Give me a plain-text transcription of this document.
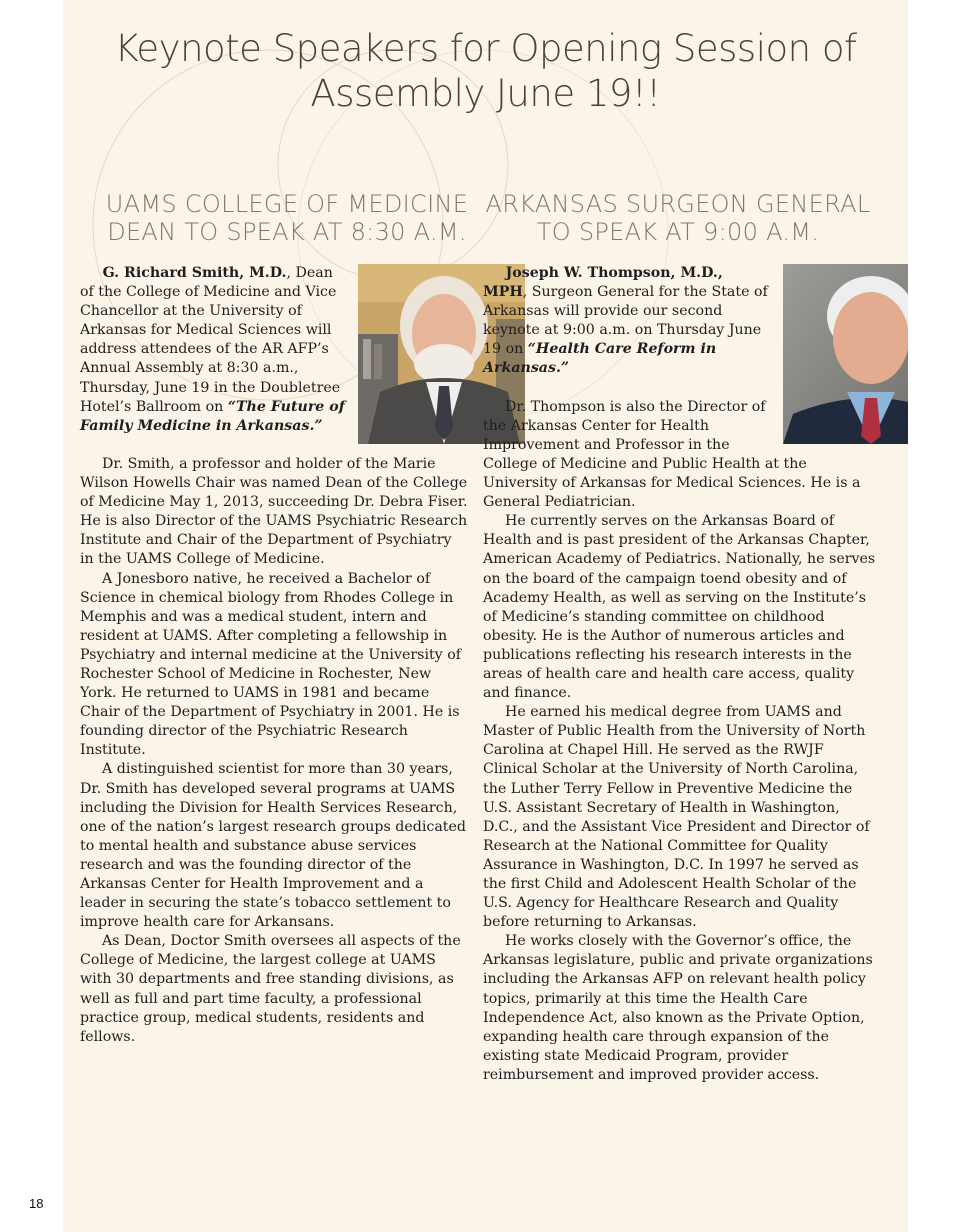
Keynote Speakers for Opening Session of Assembly June 19!!
UAMS COLLEGE OF MEDICINE
DEAN TO SPEAK AT 8:30 A.M.
ARKANSAS SURGEON GENERAL
TO SPEAK AT 9:00 A.M.

G. Richard Smith, M.D., Dean of the College of Medicine and Vice Chancellor at the University of Arkansas for Medical Sciences will address attendees of the AR AFP’s Annual Assembly at 8:30 a.m., Thursday, June 19 in the Doubletree Hotel’s Ballroom on “The Future of Family Medicine in Arkansas.”

Dr. Smith, a professor and holder of the Marie Wilson Howells Chair was named Dean of the College of Medicine May 1, 2013, succeeding Dr. Debra Fiser. He is also Director of the UAMS Psychiatric Research Institute and Chair of the Department of Psychiatry in the UAMS College of Medicine.

A Jonesboro native, he received a Bachelor of Science in chemical biology from Rhodes College in Memphis and was a medical student, intern and resident at UAMS. After completing a fellowship in Psychiatry and internal medicine at the University of Rochester School of Medicine in Rochester, New York. He returned to UAMS in 1981 and became Chair of the Department of Psychiatry in 2001. He is founding director of the Psychiatric Research Institute.

A distinguished scientist for more than 30 years, Dr. Smith has developed several programs at UAMS including the Division for Health Services Research, one of the nation’s largest research groups dedicated to mental health and substance abuse services research and was the founding director of the Arkansas Center for Health Improvement and a leader in securing the state’s tobacco settlement to improve health care for Arkansans.

As Dean, Doctor Smith oversees all aspects of the College of Medicine, the largest college at UAMS with 30 departments and free standing divisions, as well as full and part time faculty, a professional practice group, medical students, residents and fellows.

Joseph W. Thompson, M.D., MPH, Surgeon General for the State of Arkansas will provide our second keynote at 9:00 a.m. on Thursday June 19 on “Health Care Reform in Arkansas.”

Dr. Thompson is also the Director of the Arkansas Center for Health Improvement and Professor in the College of Medicine and Public Health at the University of Arkansas for Medical Sciences. He is a General Pediatrician.

He currently serves on the Arkansas Board of Health and is past president of the Arkansas Chapter, American Academy of Pediatrics. Nationally, he serves on the board of the campaign toend obesity and of Academy Health, as well as serving on the Institute’s of Medicine’s standing committee on childhood obesity. He is the Author of numerous articles and publications reflecting his research interests in the areas of health care and health care access, quality and finance.

He earned his medical degree from UAMS and Master of Public Health from the University of North Carolina at Chapel Hill. He served as the RWJF Clinical Scholar at the University of North Carolina, the Luther Terry Fellow in Preventive Medicine the U.S. Assistant Secretary of Health in Washington, D.C., and the Assistant Vice President and Director of Research at the National Committee for Quality Assurance in Washington, D.C. In 1997 he served as the first Child and Adolescent Health Scholar of the U.S. Agency for Healthcare Research and Quality before returning to Arkansas.

He works closely with the Governor’s office, the Arkansas legislature, public and private organizations including the Arkansas AFP on relevant health policy topics, primarily at this time the Health Care Independence Act, also known as the Private Option, expanding health care through expansion of the existing state Medicaid Program, provider reimbursement and improved provider access.

18
